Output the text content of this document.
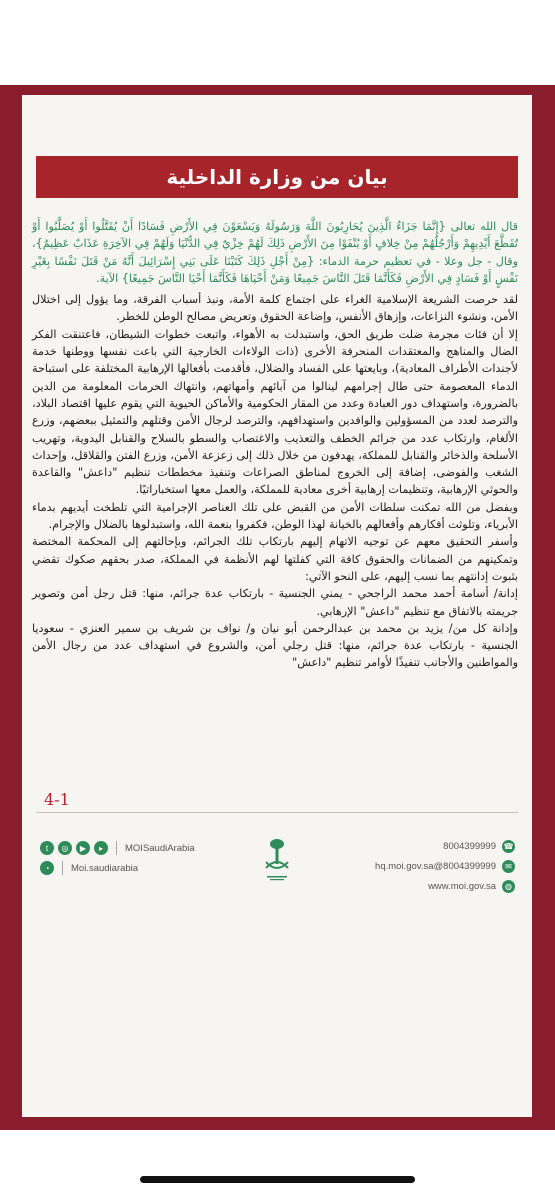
بيان من وزارة الداخلية

قال الله تعالى {إِنَّمَا جَزَاءُ الَّذِينَ يُحَارِبُونَ اللَّهَ وَرَسُولَهُ وَيَسْعَوْنَ فِي الأَرْضِ فَسَادًا أَنْ يُقَتَّلُوا أَوْ يُصَلَّبُوا أَوْ تُقَطَّعَ أَيْدِيهِمْ وَأَرْجُلُهُمْ مِنْ خِلافٍ أَوْ يُنْفَوْا مِنَ الأَرْضِ ذَلِكَ لَهُمْ خِزْيٌ فِي الدُّنْيَا وَلَهُمْ فِي الآخِرَةِ عَذَابٌ عَظِيمٌ}، وقال - جل وعلا - في تعظيم حرمة الدماء: {مِنْ أَجْلِ ذَلِكَ كَتَبْنَا عَلَى بَنِي إِسْرَائِيلَ أَنَّهُ مَنْ قَتَلَ نَفْسًا بِغَيْرِ نَفْسٍ أَوْ فَسَادٍ فِي الأَرْضِ فَكَأَنَّمَا قَتَلَ النَّاسَ جَمِيعًا وَمَنْ أَحْيَاهَا فَكَأَنَّمَا أَحْيَا النَّاسَ جَمِيعًا} الآية.

لقد حرصت الشريعة الإسلامية الغراء على اجتماع كلمة الأمة، ونبذ أسباب الفرقة، وما يؤول إلى اختلال الأمن، ونشوء النزاعات، وإزهاق الأنفس، وإضاعة الحقوق وتعريض مصالح الوطن للخطر.

إلا أن فئات مجرمة ضلت طريق الحق، واستبدلت به الأهواء، واتبعت خطوات الشيطان، فاعتنقت الفكر الضال والمناهج والمعتقدات المنحرفة الأخرى (ذات الولاءات الخارجية التي باعت نفسها ووطنها خدمة لأجندات الأطراف المعادية)، وبايعتها على الفساد والضلال، فأقدمت بأفعالها الإرهابية المختلفة على استباحة الدماء المعصومة حتى طال إجرامهم لينالوا من آبائهم وأمهاتهم، وانتهاك الحرمات المعلومة من الدين بالضرورة، واستهداف دور العبادة وعدد من المقار الحكومية والأماكن الحيوية التي يقوم عليها اقتصاد البلاد، والترصد لعدد من المسؤولين والوافدين واستهدافهم، والترصد لرجال الأمن وقتلهم والتمثيل ببعضهم، وزرع الألغام، وارتكاب عدد من جرائم الخطف والتعذيب والاغتصاب والسطو بالسلاح والقنابل اليدوية، وتهريب الأسلحة والذخائر والقنابل للمملكة، يهدفون من خلال ذلك إلى زعزعة الأمن، وزرع الفتن والقلاقل، وإحداث الشغب والفوضى، إضافة إلى الخروج لمناطق الصراعات وتنفيذ مخططات تنظيم "داعش" والقاعدة والحوثي الإرهابية، وتنظيمات إرهابية أخرى معادية للمملكة، والعمل معها استخباراتيًا.

وبفضل من الله تمكنت سلطات الأمن من القبض على تلك العناصر الإجرامية التي تلطخت أيديهم بدماء الأبرياء، وتلوثت أفكارهم وأفعالهم بالخيانة لهذا الوطن، فكفروا بنعمة الله، واستبدلوها بالضلال والإجرام.

وأسفر التحقيق معهم عن توجيه الاتهام إليهم بارتكاب تلك الجرائم، وبإحالتهم إلى المحكمة المختصة وتمكينهم من الضمانات والحقوق كافة التي كفلتها لهم الأنظمة في المملكة، صدر بحقهم صكوك تقضي بثبوت إدانتهم بما نسب إليهم، على النحو الآتي:

إدانة/ أسامة أحمد محمد الراجحي - يمني الجنسية - بارتكاب عدة جرائم، منها: قتل رجل أمن وتصوير جريمته بالاتفاق مع تنظيم "داعش" الإرهابي.

وإدانة كل من/ يزيد بن محمد بن عبدالرحمن أبو نيان و/ نواف بن شريف بن سمير العنزي - سعوديا الجنسية - بارتكاب عدة جرائم، منها: قتل رجلي أمن، والشروع في استهداف عدد من رجال الأمن والمواطنين والأجانب تنفيذًا لأوامر تنظيم "داعش"

4-1
☎
8004399999
✉
8004399999@hq.moi.gov.sa
◍
www.moi.gov.sa
t	◎	▶	▸	MOISaudiArabia
◔	Moi.saudiarabia
